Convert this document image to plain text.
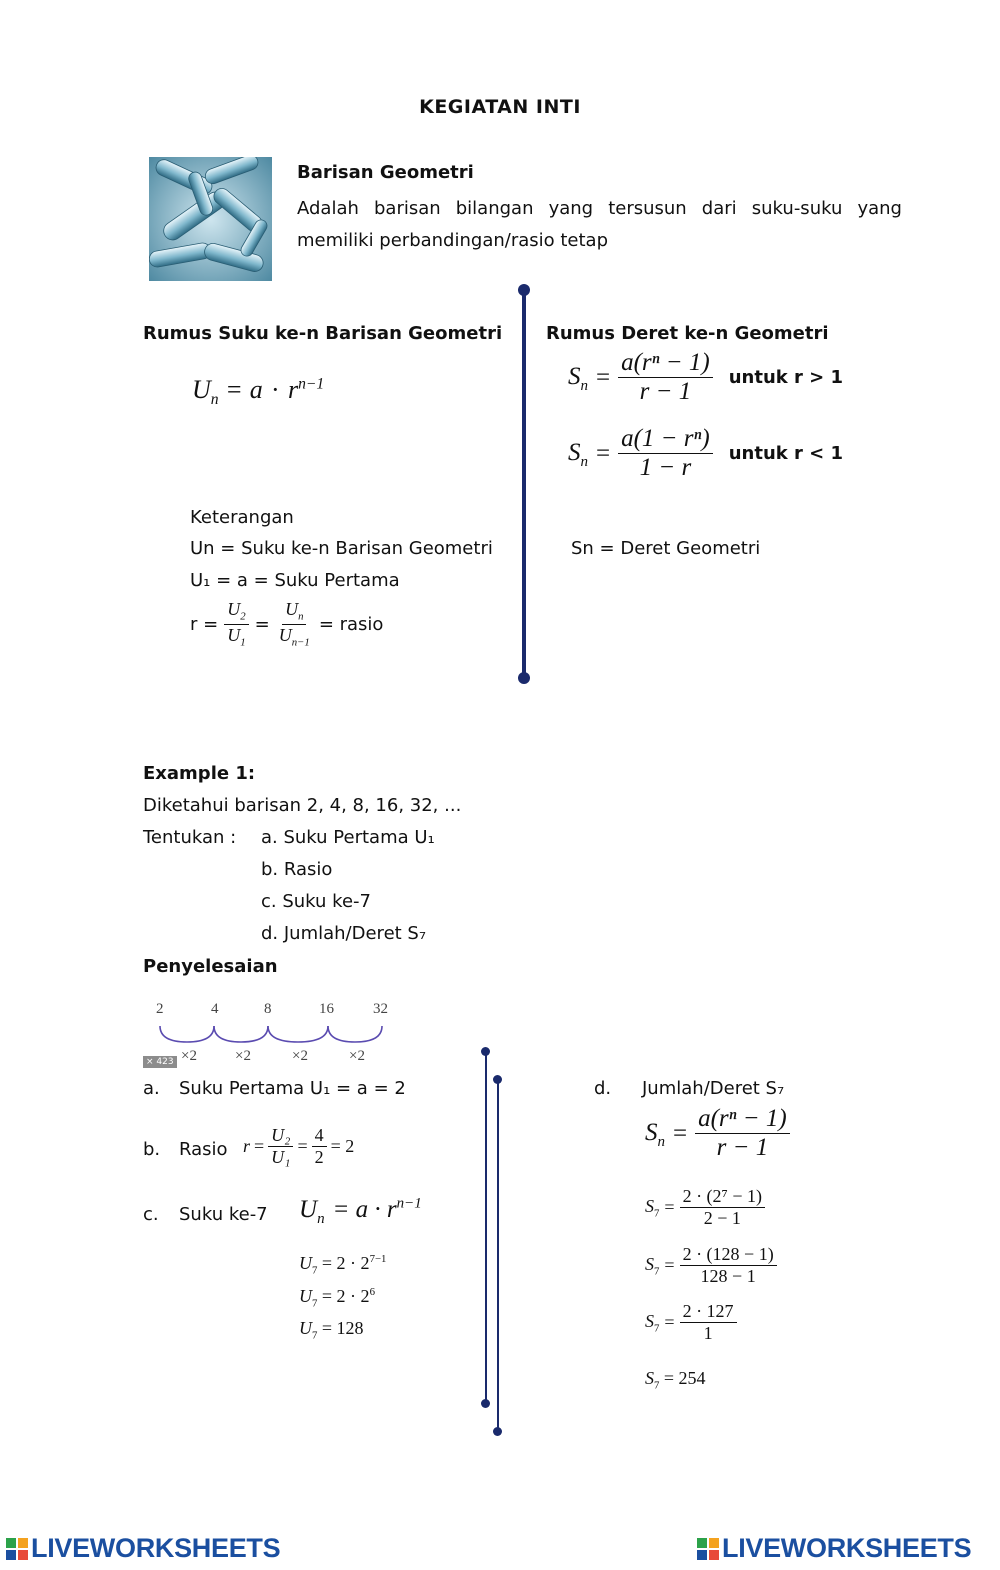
KEGIATAN INTI
Barisan Geometri
Adalah barisan bilangan yang tersusun dari suku-suku yang memiliki perbandingan/rasio tetap
Rumus Suku ke-n Barisan Geometri
$U_n = a \cdot r^{n-1}$
Keterangan
Un = Suku ke-n Barisan Geometri
U₁ = a = Suku Pertama
$r = \frac{U_2}{U_1} = \frac{U_n}{U_{n-1}}$ = rasio
Rumus Deret ke-n Geometri
$S_n = \frac{\text{a(rⁿ − 1)}}{r - 1}$ untuk r > 1
$S_n = \frac{\text{a(1 − rⁿ)}}{1 - r}$ untuk r < 1
Sn = Deret Geometri
Example 1:
Diketahui barisan 2, 4, 8, 16, 32, ...
Tentukan : a. Suku Pertama U₁
b. Rasio
c. Suku ke-7
d. Jumlah/Deret S₇
Penyelesaian
2	4	8	16	32
× 423 ×2	×2	×2	×2
a. Suku Pertama U₁ = a = 2
b. Rasio $r = \frac{\text{U₂}}{\text{U₁}} = \frac{4}{2} = 2$
c. Suku ke-7 $U_n = a \cdot r^{n-1}$
$U_7 = 2 \cdot 2^{7-1}$
$U_7 = 2 \cdot 2^6$
$U_7 = 128$
d. Jumlah/Deret S₇
$S_n = \frac{\text{a(rⁿ − 1)}}{r - 1}$
$S_7 = \frac{\text{2 · (2⁷ − 1)}}{2 - 1}$
$S_7 = \frac{2 \cdot (128 - 1)}{128 - 1}$
$S_7 = \frac{2 \cdot 127}{1}$
$S_7 = 254$
LIVEWORKSHEETS	LIVEWORKSHEETS
